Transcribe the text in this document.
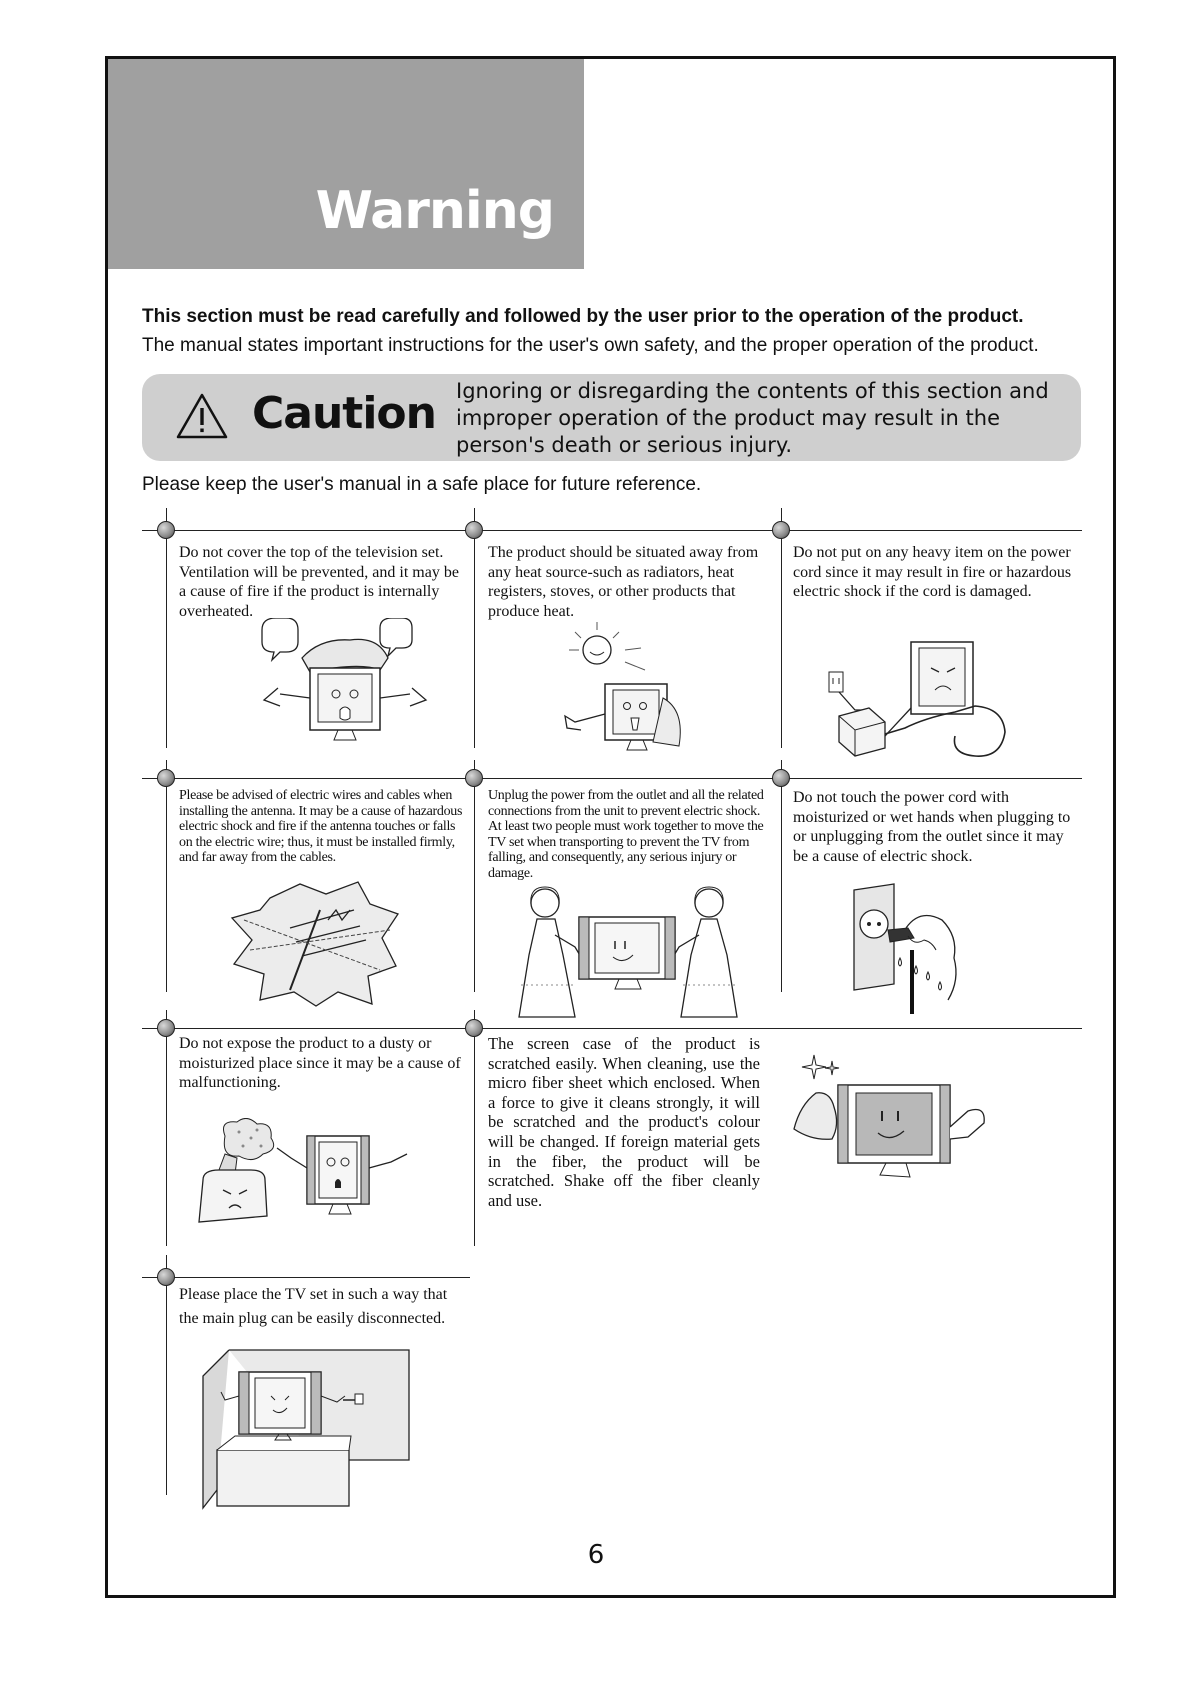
Warning
This section must be read carefully and followed by the user prior to the operation of the product.
The manual states important instructions for the user's own safety, and the proper operation of the product.
Caution Ignoring or disregarding the contents of this section and improper operation of the product may result in the person's death or serious injury.
Please keep the user's manual in a safe place for future reference.
Do not cover the top of the television set. Ventilation will be prevented, and it may be a cause of fire if the product is internally overheated.
The product should be situated away from any heat source-such as radiators, heat registers, stoves, or other products that produce heat.
Do not put on any heavy item on the power cord since it may result in fire or hazardous electric shock if the cord is damaged.
Please be advised of electric wires and cables when installing the antenna. It may be a cause of hazardous electric shock and fire if the antenna touches or falls on the electric wire; thus, it must be installed firmly, and far away from the cables.
Unplug the power from the outlet and all the related connections from the unit to prevent electric shock. At least two people must work together to move the TV set when transporting to prevent the TV from falling, and consequently, any serious injury or damage.
Do not touch the power cord with moisturized or wet hands when plugging to or unplugging from the outlet since it may be a cause of electric shock.
Do not expose the product to a dusty or moisturized place since it may be a cause of malfunctioning.
The screen case of the product is scratched easily. When cleaning, use the micro fiber sheet which enclosed. When a force to give it cleans strongly, it will be scratched and the product's colour will be changed. If foreign material gets in the fiber, the product will be scratched. Shake off the fiber cleanly and use.
Please place the TV set in such a way that the main plug can be easily disconnected.
6
